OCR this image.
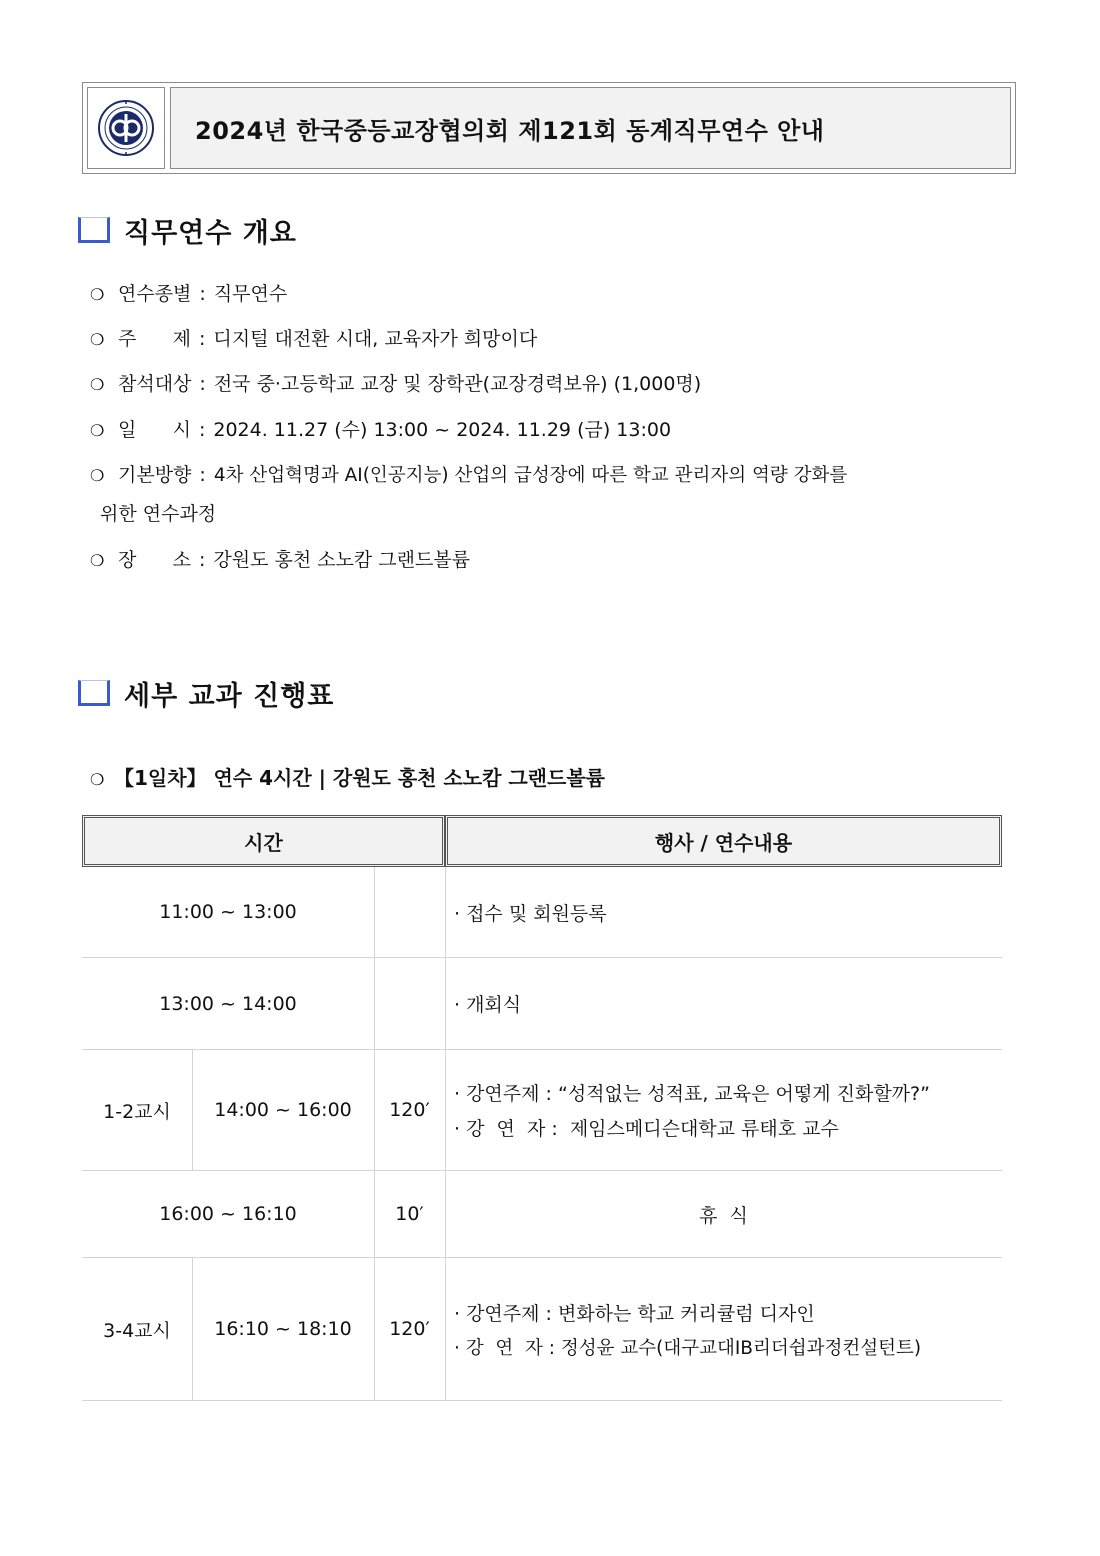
2024년 한국중등교장협의회 제121회 동계직무연수 안내
직무연수 개요
❍ 연수종별 : 직무연수
❍ 주      제 : 디지털 대전환 시대, 교육자가 희망이다
❍ 참석대상 : 전국 중·고등학교 교장 및 장학관(교장경력보유) (1,000명)
❍ 일      시 : 2024. 11.27 (수) 13:00 ~ 2024. 11.29 (금) 13:00
❍ 기본방향 : 4차 산업혁명과 AI(인공지능) 산업의 급성장에 따른 학교 관리자의 역량 강화를
위한 연수과정
❍ 장      소 : 강원도 홍천 소노캄 그랜드볼륨
세부 교과 진행표
❍ 【1일차】 연수 4시간 | 강원도 홍천 소노캄 그랜드볼륨
시간	행사 / 연수내용
11:00 ~ 13:00	· 접수 및 회원등록
13:00 ~ 14:00	· 개회식
1-2교시	14:00 ~ 16:00	120′
· 강연주제 : “성적없는 성적표, 교육은 어떻게 진화할까?”
· 강  연  자 :  제임스메디슨대학교 류태호 교수
16:00 ~ 16:10	10′	휴  식
3-4교시	16:10 ~ 18:10	120′
· 강연주제 : 변화하는 학교 커리큘럼 디자인
· 강  연  자 : 정성윤 교수(대구교대IB리더쉽과정컨설턴트)
